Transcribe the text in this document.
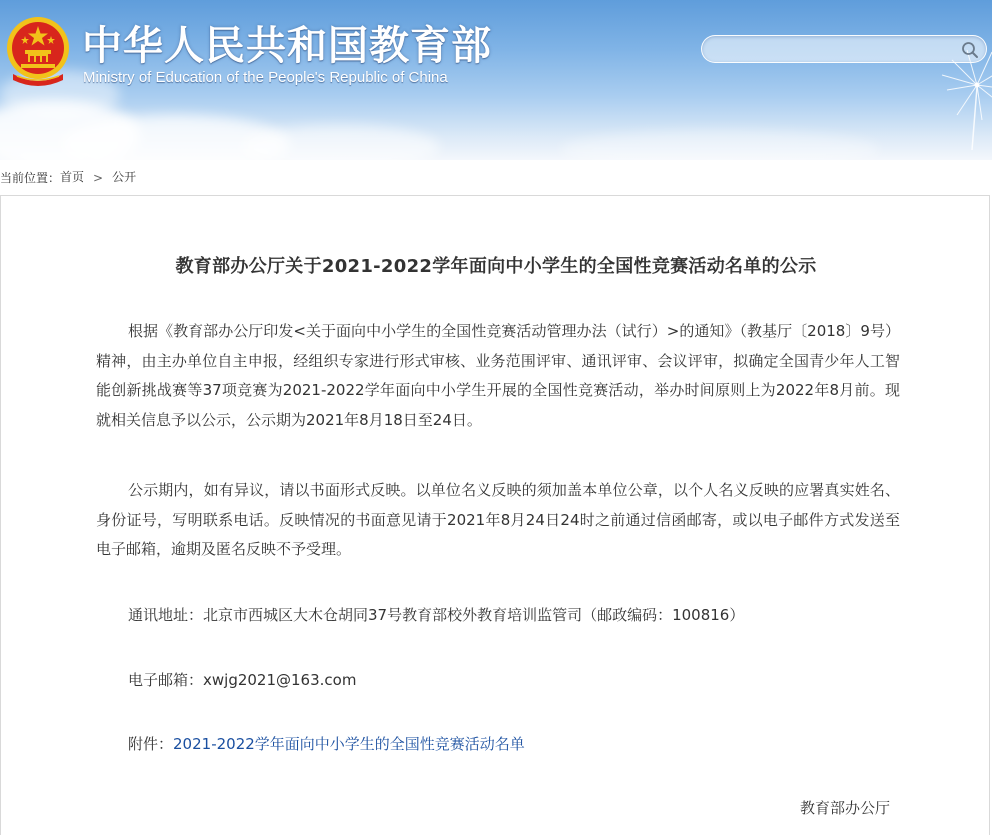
中华人民共和国教育部
Ministry of Education of the People's Republic of China
当前位置：首页 > 公开
教育部办公厅关于2021-2022学年面向中小学生的全国性竞赛活动名单的公示

根据《教育部办公厅印发<关于面向中小学生的全国性竞赛活动管理办法（试行）>的通知》（教基厅〔2018〕9号）精神，由主办单位自主申报，经组织专家进行形式审核、业务范围评审、通讯评审、会议评审，拟确定全国青少年人工智能创新挑战赛等37项竞赛为2021-2022学年面向中小学生开展的全国性竞赛活动，举办时间原则上为2022年8月前。现就相关信息予以公示，公示期为2021年8月18日至24日。

公示期内，如有异议，请以书面形式反映。以单位名义反映的须加盖本单位公章，以个人名义反映的应署真实姓名、身份证号，写明联系电话。反映情况的书面意见请于2021年8月24日24时之前通过信函邮寄，或以电子邮件方式发送至电子邮箱，逾期及匿名反映不予受理。

通讯地址：北京市西城区大木仓胡同37号教育部校外教育培训监管司（邮政编码：100816）
电子邮箱：xwjg2021@163.com
附件：2021-2022学年面向中小学生的全国性竞赛活动名单
教育部办公厅
